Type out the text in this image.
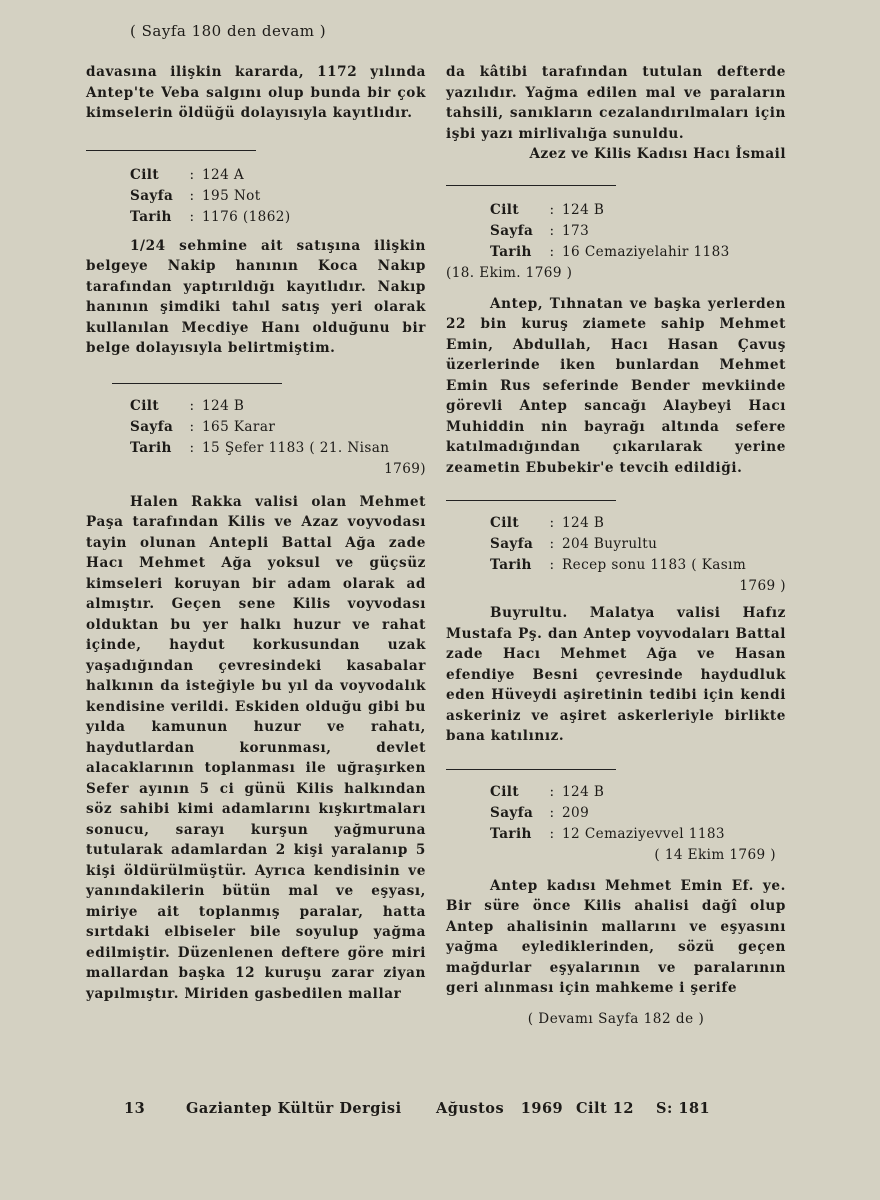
( Sayfa 180 den devam )

davasına ilişkin kararda, 1172 yılında Antep'te Veba salgını olup bunda bir çok kimselerin öldüğü dolayısıyla kayıtlıdır.

Cilt	: 124 A
Sayfa	: 195 Not
Tarih	: 1176 (1862)

1/24 sehmine ait satışına ilişkin belgeye Nakip hanının Koca Nakıp tarafından yaptırıldığı kayıtlıdır. Nakıp hanının şimdiki tahıl satış yeri olarak kullanılan Mecdiye Hanı olduğunu bir belge dolayısıyla belirtmiştim.

Cilt	: 124 B
Sayfa	: 165 Karar
Tarih	: 15 Şefer 1183 ( 21. Nisan
1769)

Halen Rakka valisi olan Mehmet Paşa tarafından Kilis ve Azaz voyvodası tayin olunan Antepli Battal Ağa zade Hacı Mehmet Ağa yoksul ve güçsüz kimseleri koruyan bir adam olarak ad almıştır. Geçen sene Kilis voyvodası olduktan bu yer halkı huzur ve rahat içinde, haydut korkusundan uzak yaşadığından çevresindeki kasabalar halkının da isteğiyle bu yıl da voyvodalık kendisine verildi. Eskiden olduğu gibi bu yılda kamunun huzur ve rahatı, haydutlardan korunması, devlet alacaklarının toplanması ile uğraşırken Sefer ayının 5 ci günü Kilis halkından söz sahibi kimi adamlarını kışkırtmaları sonucu, sarayı kurşun yağmuruna tutularak adamlardan 2 kişi yaralanıp 5 kişi öldürülmüştür. Ayrıca kendisinin ve yanındakilerin bütün mal ve eşyası, miriye ait toplanmış paralar, hatta sırtdaki elbiseler bile soyulup yağma edilmiştir. Düzenlenen deftere göre miri mallardan başka 12 kuruşu zarar ziyan yapılmıştır. Miriden gasbedilen mallar

da kâtibi tarafından tutulan defterde yazılıdır. Yağma edilen mal ve paraların tahsili, sanıkların cezalandırılmaları için işbi yazı mirlivalığa sunuldu.

Azez ve Kilis Kadısı Hacı İsmail

Cilt	: 124 B
Sayfa	: 173
Tarih	: 16 Cemaziyelahir 1183
(18. Ekim. 1769 )

Antep, Tıhnatan ve başka yerlerden 22 bin kuruş ziamete sahip Mehmet Emin, Abdullah, Hacı Hasan Çavuş üzerlerinde iken bunlardan Mehmet Emin Rus seferinde Bender mevkiinde görevli Antep sancağı Alaybeyi Hacı Muhiddin nin bayrağı altında sefere katılmadığından çıkarılarak yerine zeametin Ebubekir'e tevcih edildiği.

Cilt	: 124 B
Sayfa	: 204 Buyrultu
Tarih	: Recep sonu 1183 ( Kasım
1769 )

Buyrultu. Malatya valisi Hafız Mustafa Pş. dan Antep voyvodaları Battal zade Hacı Mehmet Ağa ve Hasan efendiye Besni çevresinde haydudluk eden Hüveydi aşiretinin tedibi için kendi askeriniz ve aşiret askerleriyle birlikte bana katılınız.

Cilt	: 124 B
Sayfa	: 209
Tarih	: 12 Cemaziyevvel 1183
( 14 Ekim 1769 )

Antep kadısı Mehmet Emin Ef. ye. Bir süre önce Kilis ahalisi dağî olup Antep ahalisinin mallarını ve eşyasını yağma eylediklerinden, sözü geçen mağdurlar eşyalarının ve paralarının geri alınması için mahkeme i şerife

( Devamı Sayfa 182 de )
13	Gaziantep Kültür Dergisi	Ağustos   1969 Cilt 12	S: 181
